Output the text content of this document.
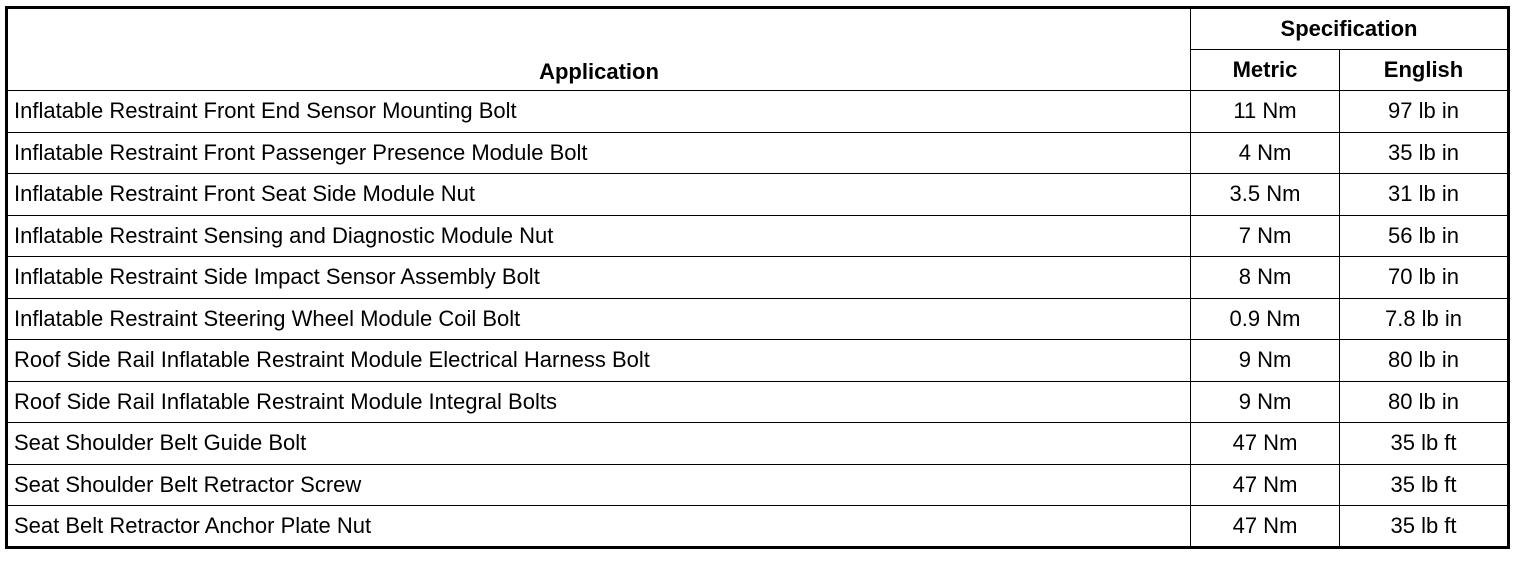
Application	Specification	
	Metric	English
Inflatable Restraint Front End Sensor Mounting Bolt	11 Nm	97 lb in
Inflatable Restraint Front Passenger Presence Module Bolt	4 Nm	35 lb in
Inflatable Restraint Front Seat Side Module Nut	3.5 Nm	31 lb in
Inflatable Restraint Sensing and Diagnostic Module Nut	7 Nm	56 lb in
Inflatable Restraint Side Impact Sensor Assembly Bolt	8 Nm	70 lb in
Inflatable Restraint Steering Wheel Module Coil Bolt	0.9 Nm	7.8 lb in
Roof Side Rail Inflatable Restraint Module Electrical Harness Bolt	9 Nm	80 lb in
Roof Side Rail Inflatable Restraint Module Integral Bolts	9 Nm	80 lb in
Seat Shoulder Belt Guide Bolt	47 Nm	35 lb ft
Seat Shoulder Belt Retractor Screw	47 Nm	35 lb ft
Seat Belt Retractor Anchor Plate Nut	47 Nm	35 lb ft
